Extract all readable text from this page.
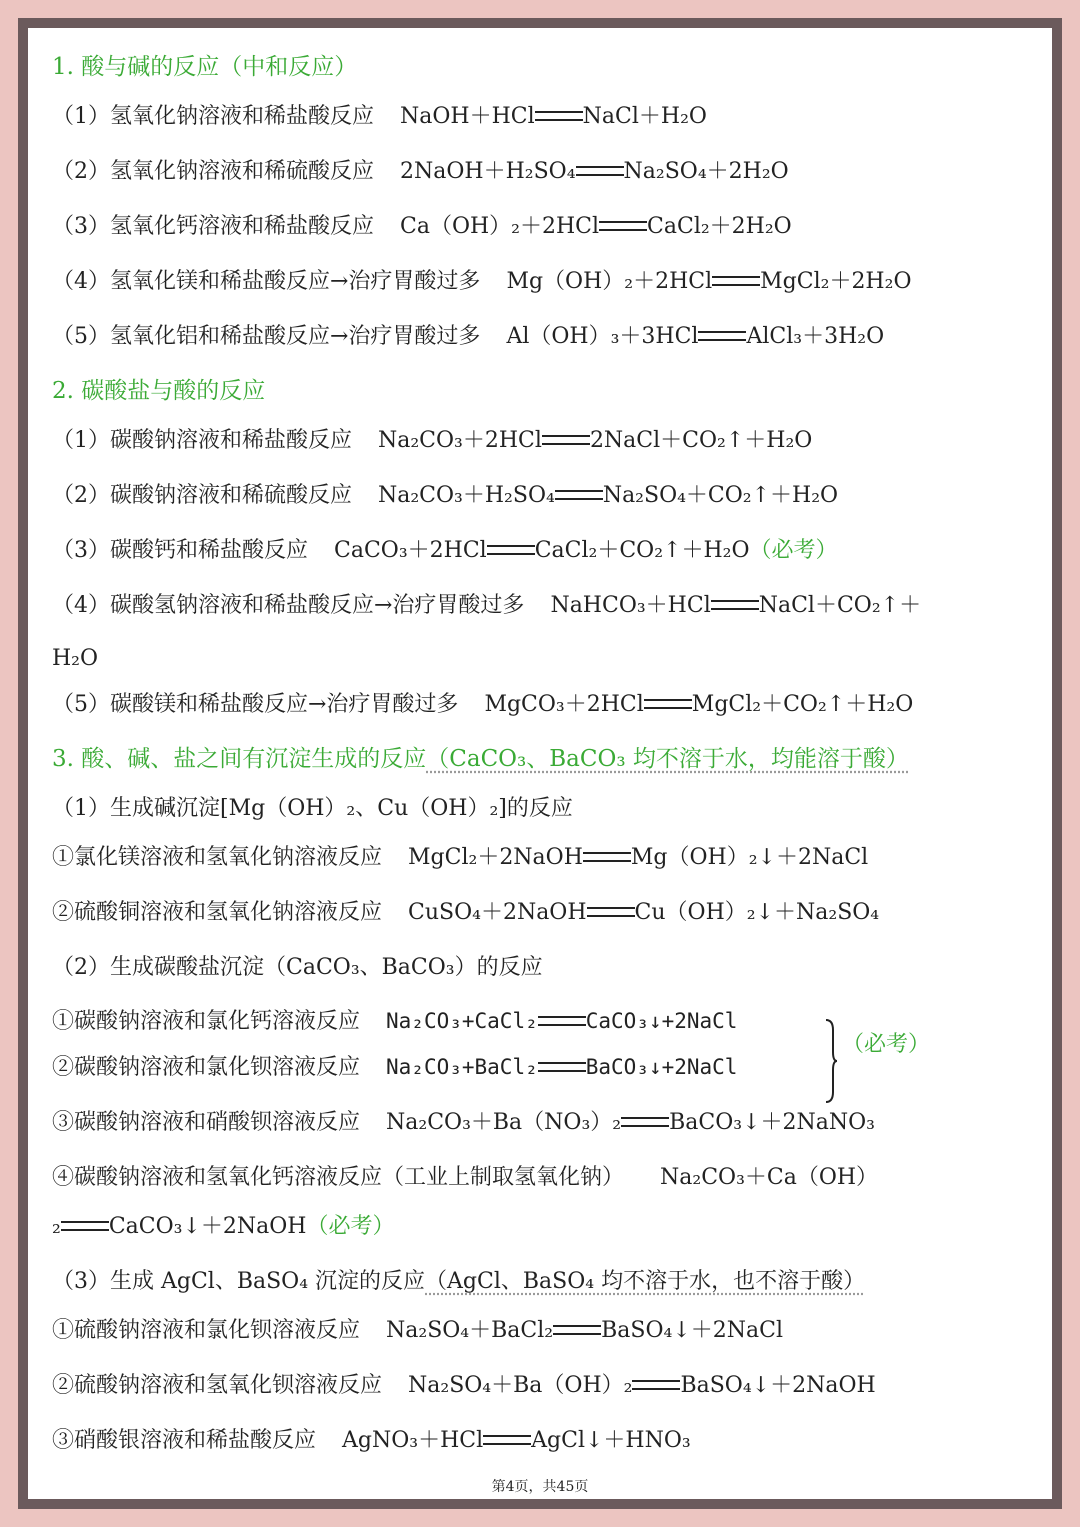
1. 酸与碱的反应（中和反应）
（1）氢氧化钠溶液和稀盐酸反应 NaOH＋HCl NaCl＋H₂O
（2）氢氧化钠溶液和稀硫酸反应 2NaOH＋H₂SO₄ Na₂SO₄＋2H₂O
（3）氢氧化钙溶液和稀盐酸反应 Ca（OH）₂＋2HCl CaCl₂＋2H₂O
（4）氢氧化镁和稀盐酸反应→治疗胃酸过多 Mg（OH）₂＋2HCl MgCl₂＋2H₂O
（5）氢氧化铝和稀盐酸反应→治疗胃酸过多 Al（OH）₃＋3HCl AlCl₃＋3H₂O
2. 碳酸盐与酸的反应
（1）碳酸钠溶液和稀盐酸反应 Na₂CO₃＋2HCl 2NaCl＋CO₂↑＋H₂O
（2）碳酸钠溶液和稀硫酸反应 Na₂CO₃＋H₂SO₄ Na₂SO₄＋CO₂↑＋H₂O
（3）碳酸钙和稀盐酸反应 CaCO₃＋2HCl CaCl₂＋CO₂↑＋H₂O（必考）
（4）碳酸氢钠溶液和稀盐酸反应→治疗胃酸过多 NaHCO₃＋HCl NaCl＋CO₂↑＋
H₂O
（5）碳酸镁和稀盐酸反应→治疗胃酸过多 MgCO₃＋2HCl MgCl₂＋CO₂↑＋H₂O
3. 酸、碱、盐之间有沉淀生成的反应（CaCO₃、BaCO₃ 均不溶于水，均能溶于酸）
（1）生成碱沉淀[Mg（OH）₂、Cu（OH）₂]的反应
①氯化镁溶液和氢氧化钠溶液反应 MgCl₂＋2NaOH Mg（OH）₂↓＋2NaCl
②硫酸铜溶液和氢氧化钠溶液反应 CuSO₄＋2NaOH Cu（OH）₂↓＋Na₂SO₄
（2）生成碳酸盐沉淀（CaCO₃、BaCO₃）的反应
①碳酸钠溶液和氯化钙溶液反应 Na₂CO₃+CaCl₂ CaCO₃↓+2NaCl
②碳酸钠溶液和氯化钡溶液反应 Na₂CO₃+BaCl₂ BaCO₃↓+2NaCl
（必考）
③碳酸钠溶液和硝酸钡溶液反应 Na₂CO₃＋Ba（NO₃）₂ BaCO₃↓＋2NaNO₃
④碳酸钠溶液和氢氧化钙溶液反应（工业上制取氢氧化钠） Na₂CO₃＋Ca（OH）
₂ CaCO₃↓＋2NaOH（必考）
（3）生成 AgCl、BaSO₄ 沉淀的反应（AgCl、BaSO₄ 均不溶于水，也不溶于酸）
①硫酸钠溶液和氯化钡溶液反应 Na₂SO₄＋BaCl₂ BaSO₄↓＋2NaCl
②硫酸钠溶液和氢氧化钡溶液反应 Na₂SO₄＋Ba（OH）₂ BaSO₄↓＋2NaOH
③硝酸银溶液和稀盐酸反应 AgNO₃＋HCl AgCl↓＋HNO₃
第4页，共45页
